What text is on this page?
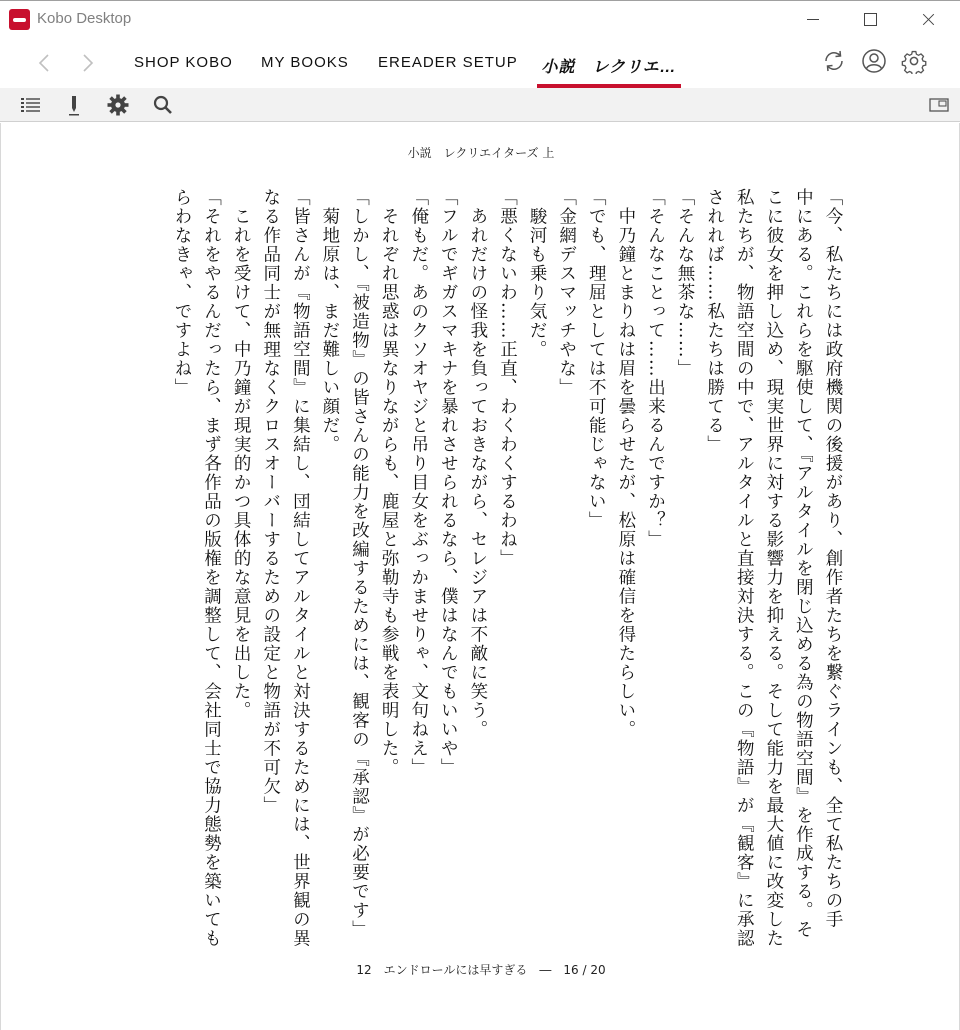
Kobo Desktop
SHOP KOBO MY BOOKS EREADER SETUP 小説　レクリエ…
小説　レクリエイターズ 上

「今、私たちには政府機関の後援があり、創作者たちを繋ぐラインも、全て私たちの手

中にある。これらを駆使して、『アルタイルを閉じ込める為の物語空間』を作成する。そ

こに彼女を押し込め、現実世界に対する影響力を抑える。そして能力を最大値に改変した

私たちが、物語空間の中で、アルタイルと直接対決する。この『物語』が『観客』に承認

されれば……私たちは勝てる」

「そんな無茶な……」

「そんなことって……出来るんですか？」

　中乃鐘とまりねは眉を曇らせたが、松原は確信を得たらしい。

「でも、理屈としては不可能じゃない」

「金網デスマッチやな」

　駿河も乗り気だ。

「悪くないわ……正直、わくわくするわね」

　あれだけの怪我を負っておきながら、セレジアは不敵に笑う。

「フルでギガスマキナを暴れさせられるなら、僕はなんでもいいや」

「俺もだ。あのクソオヤジと吊り目女をぶっかませりゃ、文句ねえ」

　それぞれ思惑は異なりながらも、鹿屋と弥勒寺も参戦を表明した。

「しかし、『被造物』の皆さんの能力を改編するためには、観客の『承認』が必要です」

　菊地原は、まだ難しい顔だ。

「皆さんが『物語空間』に集結し、団結してアルタイルと対決するためには、世界観の異

なる作品同士が無理なくクロスオーバーするための設定と物語が不可欠」

　これを受けて、中乃鐘が現実的かつ具体的な意見を出した。

「それをやるんだったら、まず各作品の版権を調整して、会社同士で協力態勢を築いても

らわなきゃ、ですよね」

12　エンドロールには早すぎる　―　16 / 20
